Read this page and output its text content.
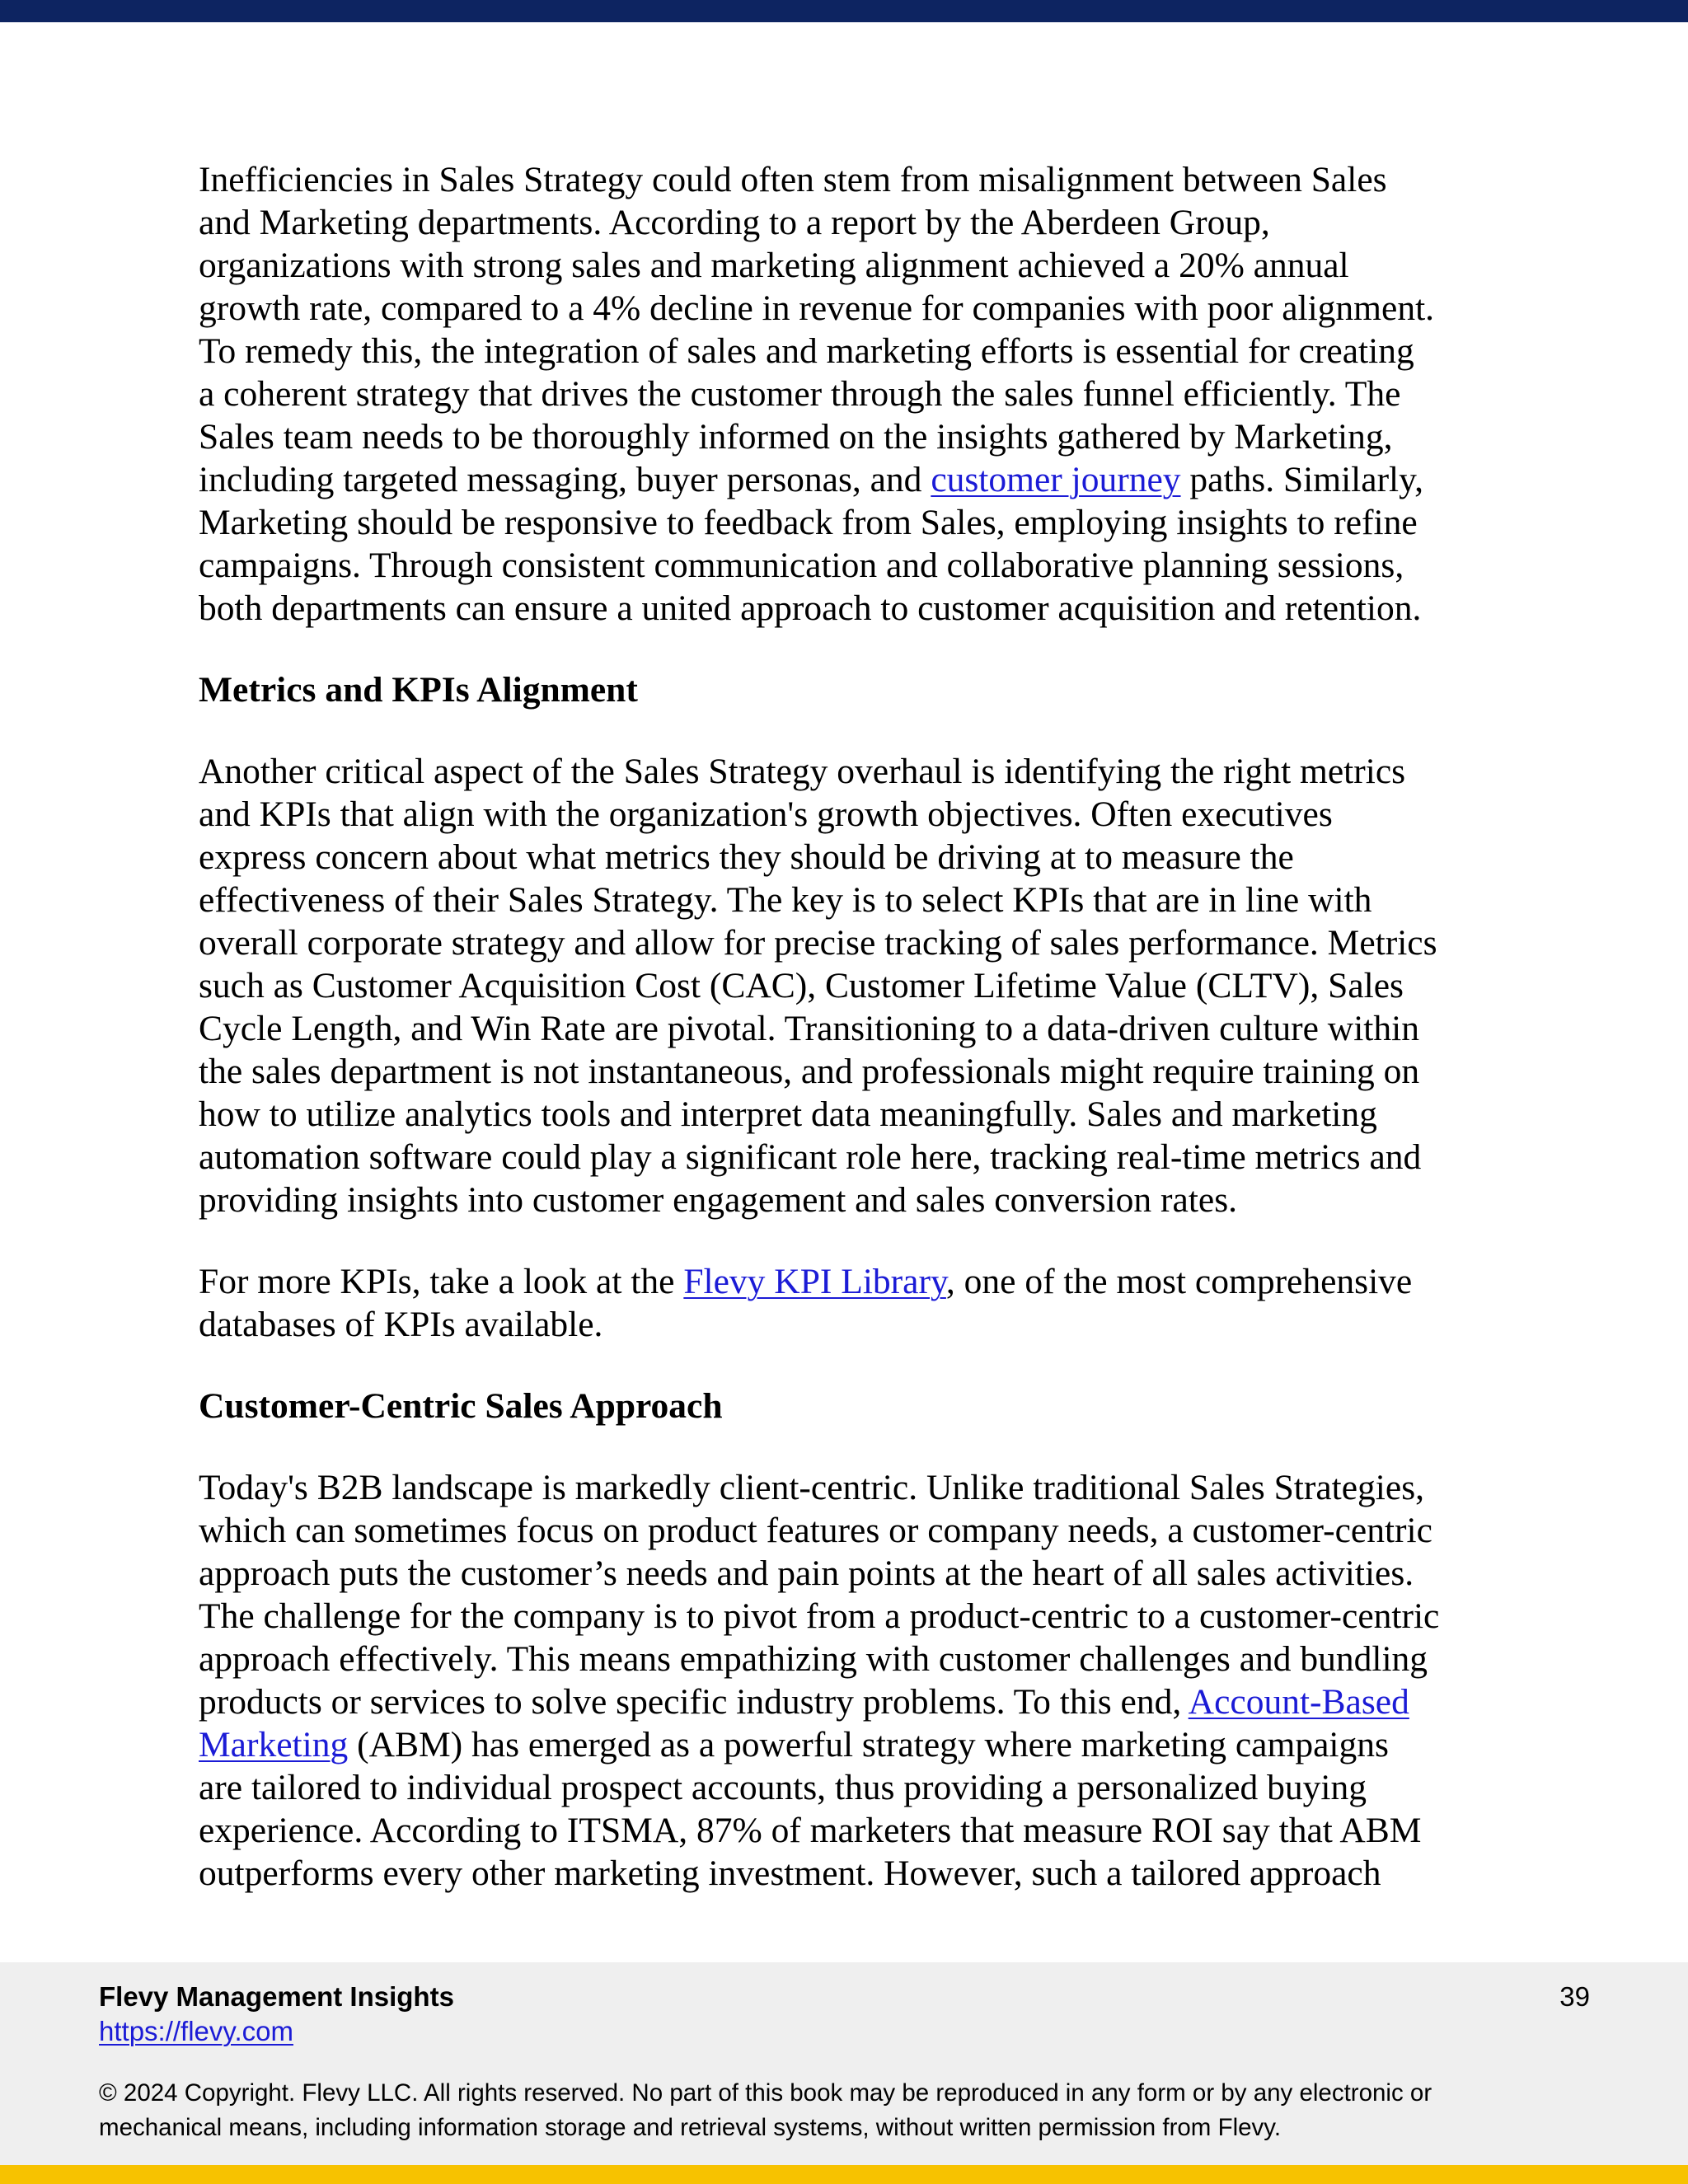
Inefficiencies in Sales Strategy could often stem from misalignment between Sales
and Marketing departments. According to a report by the Aberdeen Group,
organizations with strong sales and marketing alignment achieved a 20% annual
growth rate, compared to a 4% decline in revenue for companies with poor alignment.
To remedy this, the integration of sales and marketing efforts is essential for creating
a coherent strategy that drives the customer through the sales funnel efficiently. The
Sales team needs to be thoroughly informed on the insights gathered by Marketing,
including targeted messaging, buyer personas, and customer journey paths. Similarly,
Marketing should be responsive to feedback from Sales, employing insights to refine
campaigns. Through consistent communication and collaborative planning sessions,
both departments can ensure a united approach to customer acquisition and retention.

Metrics and KPIs Alignment

Another critical aspect of the Sales Strategy overhaul is identifying the right metrics
and KPIs that align with the organization's growth objectives. Often executives
express concern about what metrics they should be driving at to measure the
effectiveness of their Sales Strategy. The key is to select KPIs that are in line with
overall corporate strategy and allow for precise tracking of sales performance. Metrics
such as Customer Acquisition Cost (CAC), Customer Lifetime Value (CLTV), Sales
Cycle Length, and Win Rate are pivotal. Transitioning to a data-driven culture within
the sales department is not instantaneous, and professionals might require training on
how to utilize analytics tools and interpret data meaningfully. Sales and marketing
automation software could play a significant role here, tracking real-time metrics and
providing insights into customer engagement and sales conversion rates.

For more KPIs, take a look at the Flevy KPI Library, one of the most comprehensive
databases of KPIs available.

Customer-Centric Sales Approach

Today's B2B landscape is markedly client-centric. Unlike traditional Sales Strategies,
which can sometimes focus on product features or company needs, a customer-centric
approach puts the customer’s needs and pain points at the heart of all sales activities.
The challenge for the company is to pivot from a product-centric to a customer-centric
approach effectively. This means empathizing with customer challenges and bundling
products or services to solve specific industry problems. To this end, Account-Based
Marketing (ABM) has emerged as a powerful strategy where marketing campaigns
are tailored to individual prospect accounts, thus providing a personalized buying
experience. According to ITSMA, 87% of marketers that measure ROI say that ABM
outperforms every other marketing investment. However, such a tailored approach

Flevy Management Insights
https://flevy.com
39
© 2024 Copyright. Flevy LLC. All rights reserved. No part of this book may be reproduced in any form or by any electronic or
mechanical means, including information storage and retrieval systems, without written permission from Flevy.
